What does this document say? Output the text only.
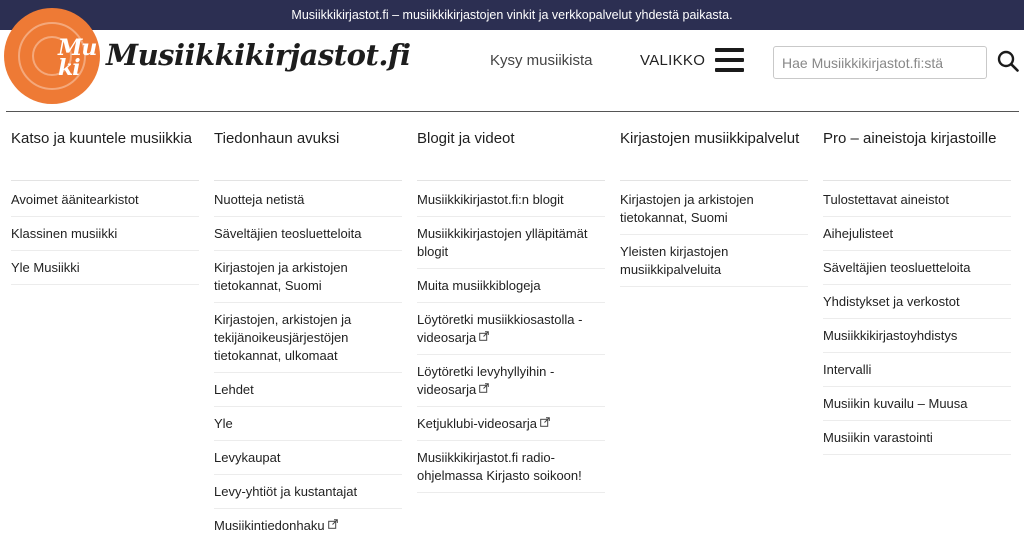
Musiikkikirjastot.fi – musiikkikirjastojen vinkit ja verkkopalvelut yhdestä paikasta.
Mu ki Musiikkikirjastot.fi	Kysy musiikista	VALIKKO
Hae Musiikkikirjastot.fi:stä
Katso ja kuuntele musiikkia
Avoimet äänitearkistot
Klassinen musiikki
Yle Musiikki
Tiedonhaun avuksi
Nuotteja netistä
Säveltäjien teosluetteloita
Kirjastojen ja arkistojen tietokannat, Suomi
Kirjastojen, arkistojen ja tekijänoikeusjärjestöjen tietokannat, ulkomaat
Lehdet
Yle
Levykaupat
Levy-yhtiöt ja kustantajat
Musiikintiedonhaku
Blogit ja videot
Musiikkikirjastot.fi:n blogit
Musiikkikirjastojen ylläpitämät blogit
Muita musiikkiblogeja
Löytöretki musiikkiosastolla -videosarja
Löytöretki levyhyllyihin -videosarja
Ketjuklubi-videosarja
Musiikkikirjastot.fi radio-ohjelmassa Kirjasto soikoon!
Kirjastojen musiikkipalvelut
Kirjastojen ja arkistojen tietokannat, Suomi
Yleisten kirjastojen musiikkipalveluita
Pro – aineistoja kirjastoille
Tulostettavat aineistot
Aihejulisteet
Säveltäjien teosluetteloita
Yhdistykset ja verkostot
Musiikkikirjastoyhdistys
Intervalli
Musiikin kuvailu – Muusa
Musiikin varastointi
